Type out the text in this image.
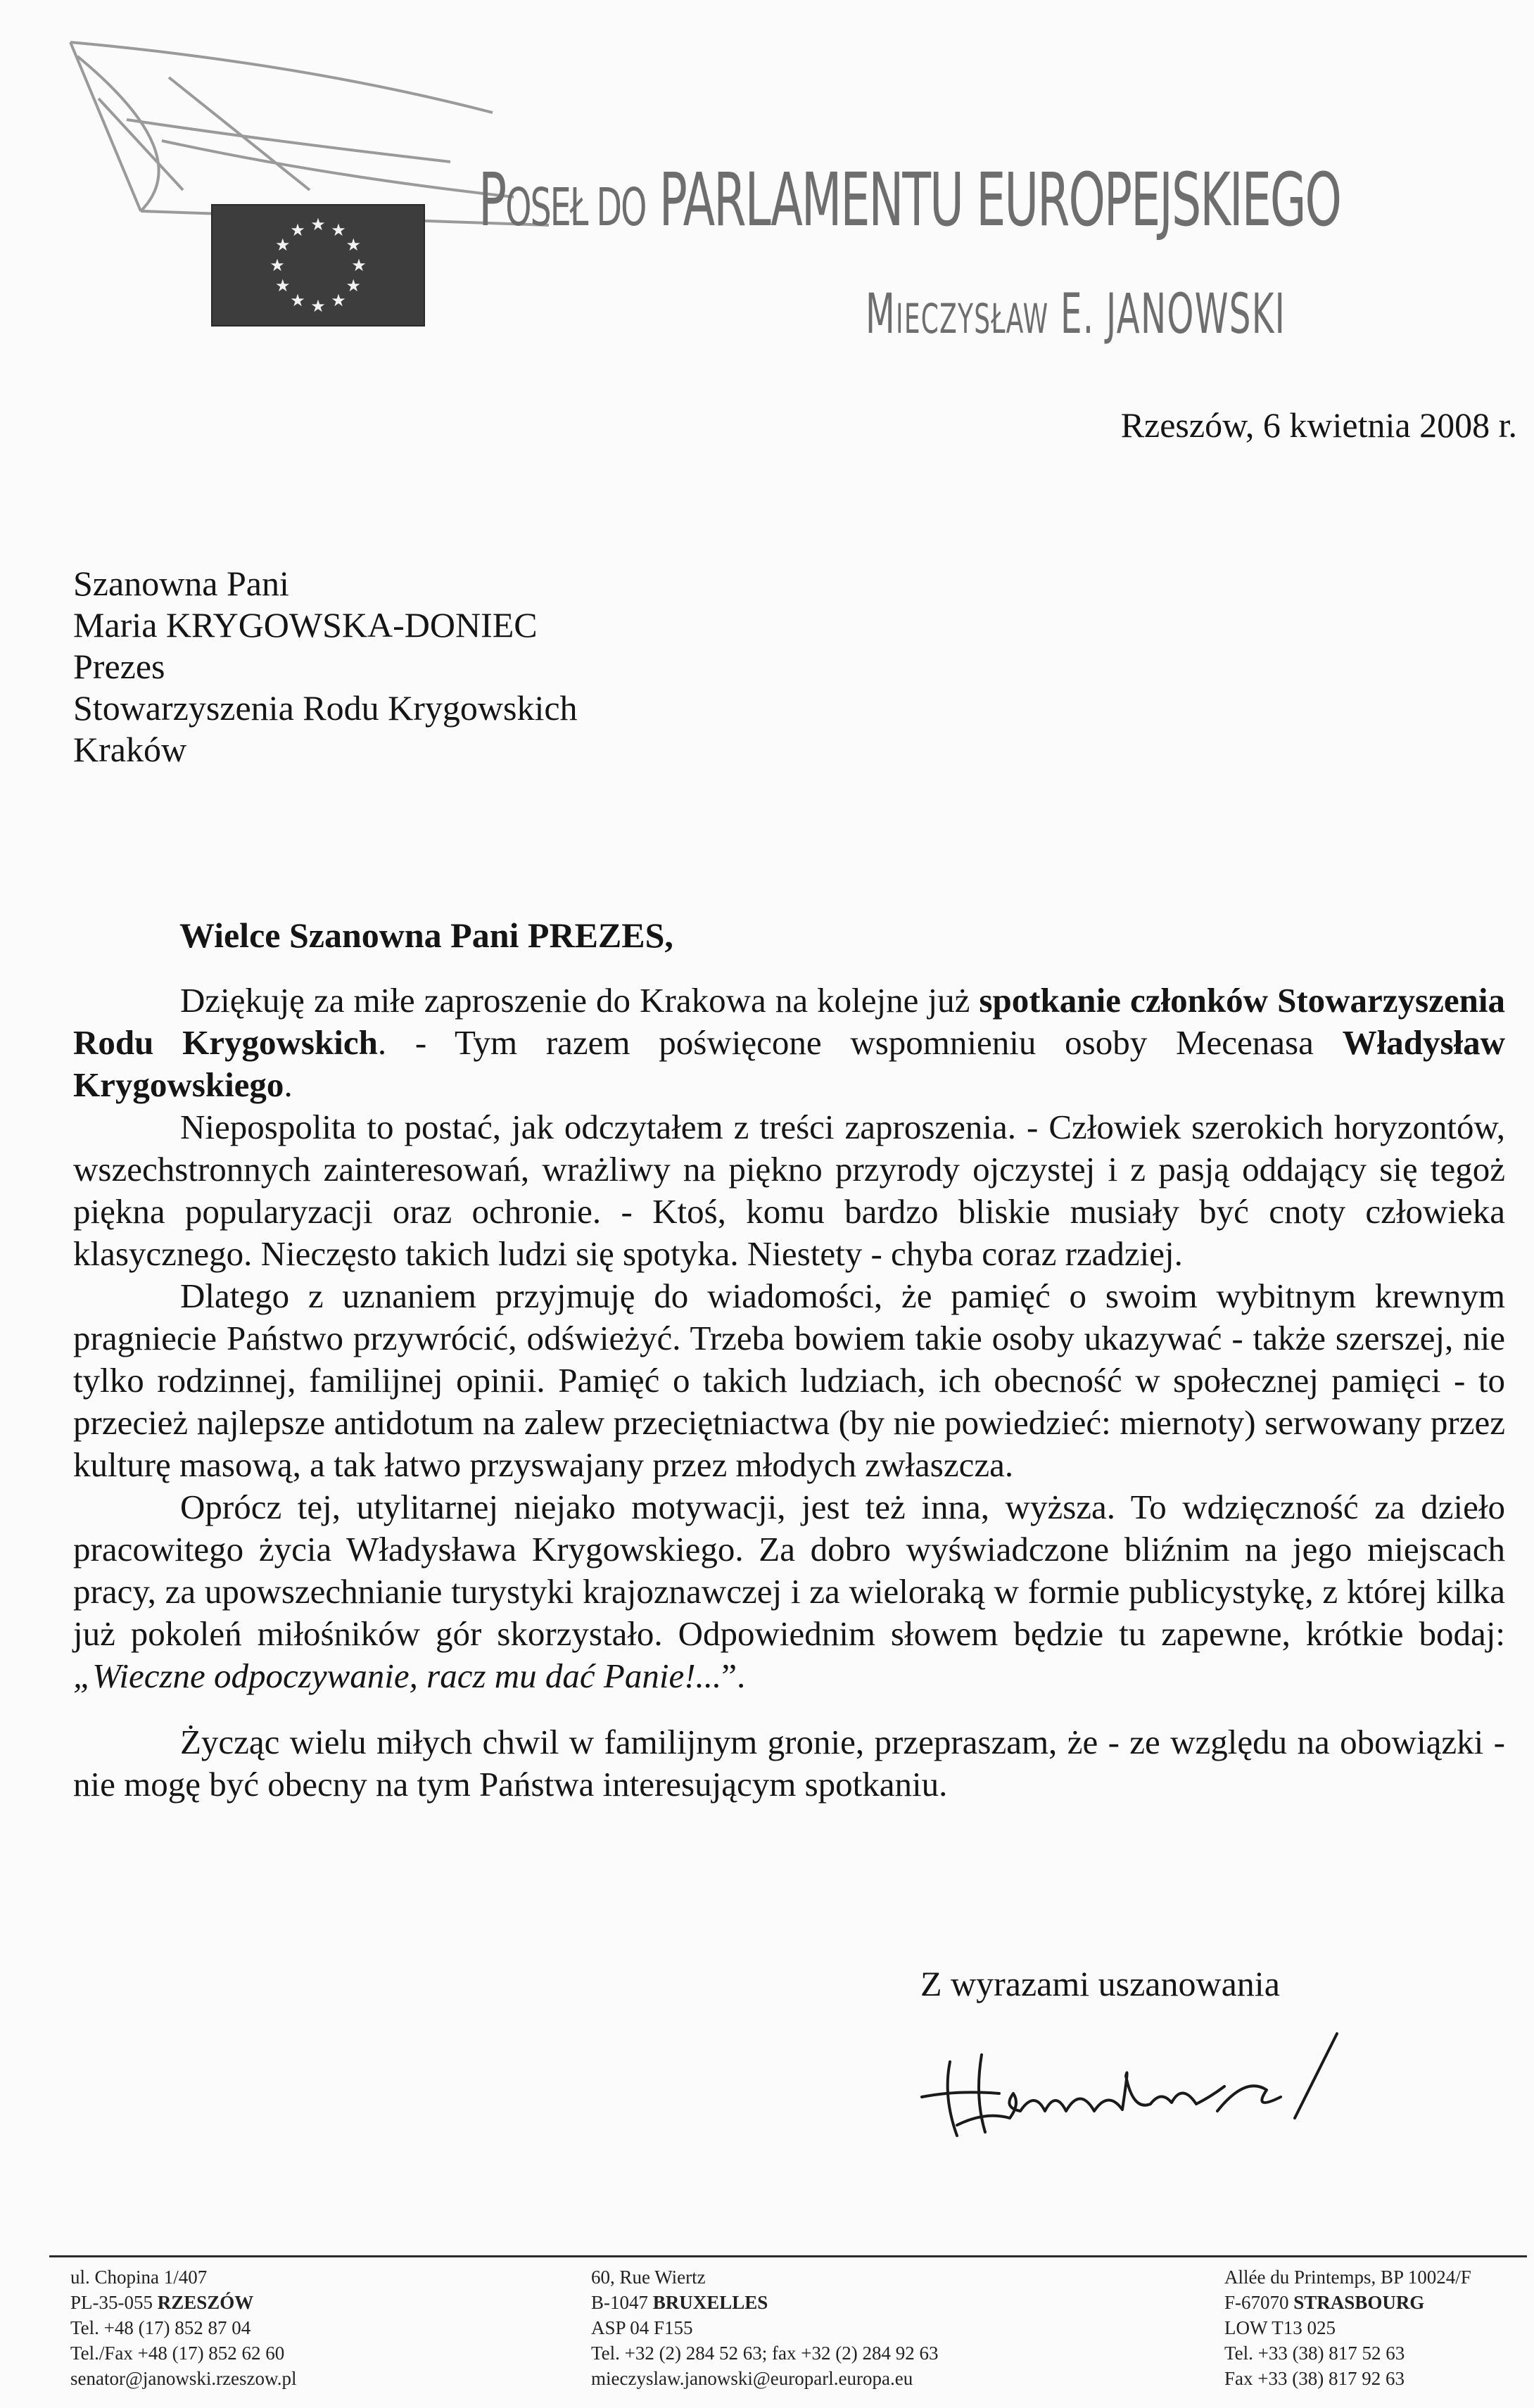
★ ★
★
★
★
★
★
★
★
★
★
★ POSEŁ DO PARLAMENTU EUROPEJSKIEGO
MIECZYSŁAW E. JANOWSKI
Rzeszów, 6 kwietnia 2008 r.
Szanowna Pani
Maria KRYGOWSKA-DONIEC
Prezes
Stowarzyszenia Rodu Krygowskich
Kraków
Wielce Szanowna Pani PREZES,

Dziękuję za miłe zaproszenie do Krakowa na kolejne już spotkanie członków Stowarzyszenia Rodu Krygowskich. - Tym razem poświęcone wspomnieniu osoby Mecenasa Władysław Krygowskiego.

Niepospolita to postać, jak odczytałem z treści zaproszenia. - Człowiek szerokich horyzontów, wszechstronnych zainteresowań, wrażliwy na piękno przyrody ojczystej i z pasją oddający się tegoż piękna popularyzacji oraz ochronie. - Ktoś, komu bardzo bliskie musiały być cnoty człowieka klasycznego. Nieczęsto takich ludzi się spotyka. Niestety - chyba coraz rzadziej.

Dlatego z uznaniem przyjmuję do wiadomości, że pamięć o swoim wybitnym krewnym pragniecie Państwo przywrócić, odświeżyć. Trzeba bowiem takie osoby ukazywać - także szerszej, nie tylko rodzinnej, familijnej opinii. Pamięć o takich ludziach, ich obecność w społecznej pamięci - to przecież najlepsze antidotum na zalew przeciętniactwa (by nie powiedzieć: miernoty) serwowany przez kulturę masową, a tak łatwo przyswajany przez młodych zwłaszcza.

Oprócz tej, utylitarnej niejako motywacji, jest też inna, wyższa. To wdzięczność za dzieło pracowitego życia Władysława Krygowskiego. Za dobro wyświadczone bliźnim na jego miejscach pracy, za upowszechnianie turystyki krajoznawczej i za wieloraką w formie publicystykę, z której kilka już pokoleń miłośników gór skorzystało. Odpowiednim słowem będzie tu zapewne, krótkie bodaj: „Wieczne odpoczywanie, racz mu dać Panie!...”.

Życząc wielu miłych chwil w familijnym gronie, przepraszam, że - ze względu na obowiązki - nie mogę być obecny na tym Państwa interesującym spotkaniu.

Z wyrazami uszanowania
ul. Chopina 1/407
PL-35-055 RZESZÓW
Tel. +48 (17) 852 87 04
Tel./Fax +48 (17) 852 62 60
senator@janowski.rzeszow.pl
60, Rue Wiertz
B-1047 BRUXELLES
ASP 04 F155
Tel. +32 (2) 284 52 63; fax +32 (2) 284 92 63
mieczyslaw.janowski@europarl.europa.eu
Allée du Printemps, BP 10024/F
F-67070 STRASBOURG
LOW T13 025
Tel. +33 (38) 817 52 63
Fax +33 (38) 817 92 63
